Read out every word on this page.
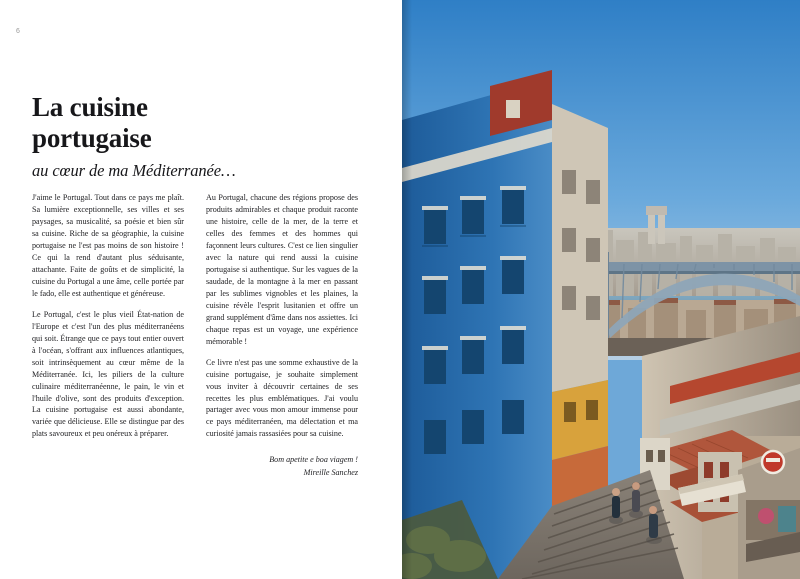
6
La cuisine
portugaise

au cœur de ma Méditerranée…

J'aime le Portugal. Tout dans ce pays me plaît. Sa lumière exceptionnelle, ses villes et ses paysages, sa musicalité, sa poésie et bien sûr sa cuisine. Riche de sa géographie, la cuisine portugaise ne l'est pas moins de son histoire ! Ce qui la rend d'autant plus séduisante, attachante. Faite de goûts et de simplicité, la cuisine du Portugal a une âme, celle portée par le fado, elle est authentique et généreuse.

Le Portugal, c'est le plus vieil État-nation de l'Europe et c'est l'un des plus méditerranéens qui soit. Étrange que ce pays tout entier ouvert à l'océan, s'offrant aux influences atlantiques, soit intrinsèquement au cœur même de la Méditerranée. Ici, les piliers de la culture culinaire méditerranéenne, le pain, le vin et l'huile d'olive, sont des produits d'exception. La cuisine portugaise est aussi abondante, variée que délicieuse. Elle se distingue par des plats savoureux et peu onéreux à préparer.

Au Portugal, chacune des régions propose des produits admirables et chaque produit raconte une histoire, celle de la mer, de la terre et celles des femmes et des hommes qui façonnent leurs cultures. C'est ce lien singulier avec la nature qui rend aussi la cuisine portugaise si authentique. Sur les vagues de la saudade, de la montagne à la mer en passant par les sublimes vignobles et les plaines, la cuisine révèle l'esprit lusitanien et offre un grand supplément d'âme dans nos assiettes. Ici chaque repas est un voyage, une expérience mémorable !

Ce livre n'est pas une somme exhaustive de la cuisine portugaise, je souhaite simplement vous inviter à découvrir certaines de ses recettes les plus emblématiques. J'ai voulu partager avec vous mon amour immense pour ce pays méditerranéen, ma délectation et ma curiosité jamais rassasiées pour sa cuisine.

Bom apetite e boa viagem !
Mireille Sanchez
